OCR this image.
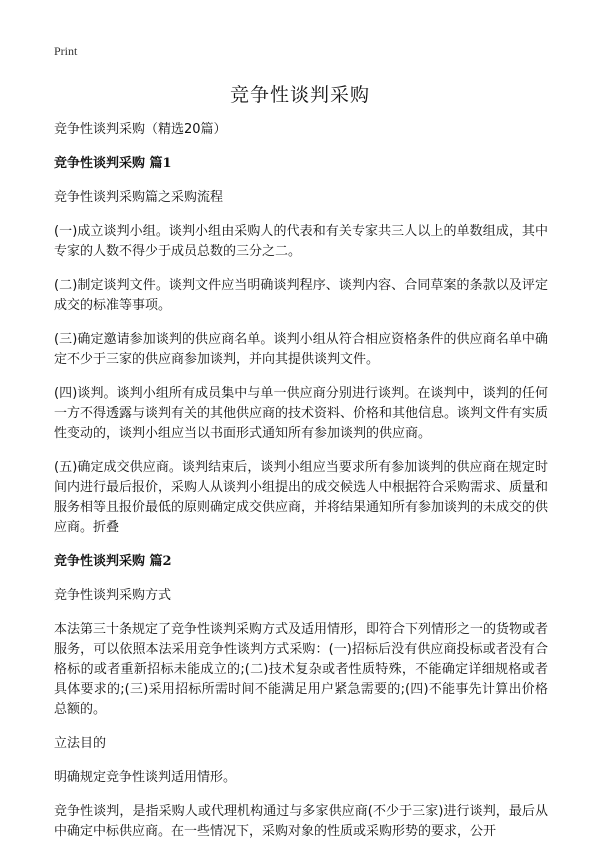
Print
竞争性谈判采购

竞争性谈判采购（精选20篇）

竞争性谈判采购 篇1

竞争性谈判采购篇之采购流程

(一)成立谈判小组。谈判小组由采购人的代表和有关专家共三人以上的单数组成，其中专家的人数不得少于成员总数的三分之二。

(二)制定谈判文件。谈判文件应当明确谈判程序、谈判内容、合同草案的条款以及评定成交的标准等事项。

(三)确定邀请参加谈判的供应商名单。谈判小组从符合相应资格条件的供应商名单中确定不少于三家的供应商参加谈判，并向其提供谈判文件。

(四)谈判。谈判小组所有成员集中与单一供应商分别进行谈判。在谈判中，谈判的任何一方不得透露与谈判有关的其他供应商的技术资料、价格和其他信息。谈判文件有实质性变动的，谈判小组应当以书面形式通知所有参加谈判的供应商。

(五)确定成交供应商。谈判结束后，谈判小组应当要求所有参加谈判的供应商在规定时间内进行最后报价，采购人从谈判小组提出的成交候选人中根据符合采购需求、质量和服务相等且报价最低的原则确定成交供应商，并将结果通知所有参加谈判的未成交的供应商。折叠

竞争性谈判采购 篇2

竞争性谈判采购方式

本法第三十条规定了竞争性谈判采购方式及适用情形，即符合下列情形之一的货物或者服务，可以依照本法采用竞争性谈判方式采购：(一)招标后没有供应商投标或者没有合格标的或者重新招标未能成立的;(二)技术复杂或者性质特殊，不能确定详细规格或者具体要求的;(三)采用招标所需时间不能满足用户紧急需要的;(四)不能事先计算出价格总额的。

立法目的

明确规定竞争性谈判适用情形。

竞争性谈判，是指采购人或代理机构通过与多家供应商(不少于三家)进行谈判，最后从中确定中标供应商。在一些情况下，采购对象的性质或采购形势的要求，公开
